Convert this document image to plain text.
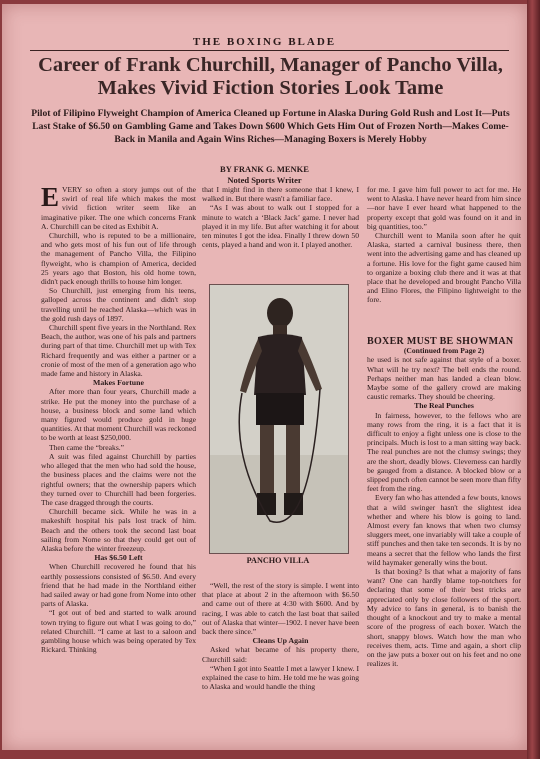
THE BOXING BLADE
Career of Frank Churchill, Manager of Pancho Villa, Makes Vivid Fiction Stories Look Tame
Pilot of Filipino Flyweight Champion of America Cleaned up Fortune in Alaska During Gold Rush and Lost It—Puts Last Stake of $6.50 on Gambling Game and Takes Down $600 Which Gets Him Out of Frozen North—Makes Come-Back in Manila and Again Wins Riches—Managing Boxers is Merely Hobby
BY FRANK G. MENKE
Noted Sports Writer

EVERY so often a story jumps out of the swirl of real life which makes the most vivid fiction writer seem like an imaginative piker. The one which concerns Frank A. Churchill can be cited as Exhibit A.

Churchill, who is reputed to be a millionaire, and who gets most of his fun out of life through the management of Pancho Villa, the Filipino flyweight, who is champion of America, decided 25 years ago that Boston, his old home town, didn't pack enough thrills to house him longer.

So Churchill, just emerging from his teens, galloped across the continent and didn't stop travelling until he reached Alaska—which was in the gold rush days of 1897.

Churchill spent five years in the Northland. Rex Beach, the author, was one of his pals and partners during part of that time. Churchill met up with Tex Richard frequently and was either a partner or a cronie of most of the men of a generation ago who made fame and history in Alaska.

Makes Fortune

After more than four years, Churchill made a strike. He put the money into the purchase of a house, a business block and some land which many figured would produce gold in huge quantities. At that moment Churchill was reckoned to be worth at least $250,000.

Then came the “breaks.”

A suit was filed against Churchill by parties who alleged that the men who had sold the house, the business places and the claims were not the rightful owners; that the ownership papers which they turned over to Churchill had been forgeries. The case dragged through the courts.

Churchill became sick. While he was in a makeshift hospital his pals lost track of him. Beach and the others took the second last boat sailing from Nome so that they could get out of Alaska before the winter freezeup.

Has $6.50 Left

When Churchill recovered he found that his earthly possessions consisted of $6.50. And every friend that he had made in the Northland either had sailed away or had gone from Nome into other parts of Alaska.

“I got out of bed and started to walk around town trying to figure out what I was going to do,” related Churchill. “I came at last to a saloon and gambling house which was being operated by Tex Rickard. Thinking

that I might find in there someone that I knew, I walked in. But there wasn't a familiar face.

“As I was about to walk out I stopped for a minute to watch a ‘Black Jack’ game. I never had played it in my life. But after watching it for about ten minutes I got the idea. Finally I threw down 50 cents, played a hand and won it. I played another.

PANCHO VILLA

“Well, the rest of the story is simple. I went into that place at about 2 in the afternoon with $6.50 and came out of there at 4:30 with $600. And by racing, I was able to catch the last boat that sailed out of Alaska that winter—1902. I never have been back there since.”

Cleans Up Again

Asked what became of his property there, Churchill said:

“When I got into Seattle I met a lawyer I knew. I explained the case to him. He told me he was going to Alaska and would handle the thing

for me. I gave him full power to act for me. He went to Alaska. I have never heard from him since—nor have I ever heard what happened to the property except that gold was found on it and in big quantities, too.”

Churchill went to Manila soon after he quit Alaska, started a carnival business there, then went into the advertising game and has cleaned up a fortune. His love for the fight game caused him to organize a boxing club there and it was at that place that he developed and brought Pancho Villa and Elino Flores, the Filipino lightweight to the fore.

BOXER MUST BE SHOWMAN

(Continued from Page 2)

he used is not safe against that style of a boxer. What will he try next? The bell ends the round. Perhaps neither man has landed a clean blow. Maybe some of the gallery crowd are making caustic remarks. They should be cheering.

The Real Punches

In fairness, however, to the fellows who are many rows from the ring, it is a fact that it is difficult to enjoy a fight unless one is close to the principals. Much is lost to a man sitting way back. The real punches are not the clumsy swings; they are the short, deadly blows. Cleverness can hardly be gauged from a distance. A blocked blow or a slipped punch often cannot be seen more than fifty feet from the ring.

Every fan who has attended a few bouts, knows that a wild swinger hasn't the slightest idea whether and where his blow is going to land. Almost every fan knows that when two clumsy sluggers meet, one invariably will take a couple of stiff punches and then take ten seconds. It is by no means a secret that the fellow who lands the first wild haymaker generally wins the bout.

Is that boxing? Is that what a majority of fans want? One can hardly blame top-notchers for declaring that some of their best tricks are appreciated only by close followers of the sport. My advice to fans in general, is to banish the thought of a knockout and try to make a mental score of the progress of each boxer. Watch the short, snappy blows. Watch how the man who receives them, acts. Time and again, a short clip on the jaw puts a boxer out on his feet and no one realizes it.
